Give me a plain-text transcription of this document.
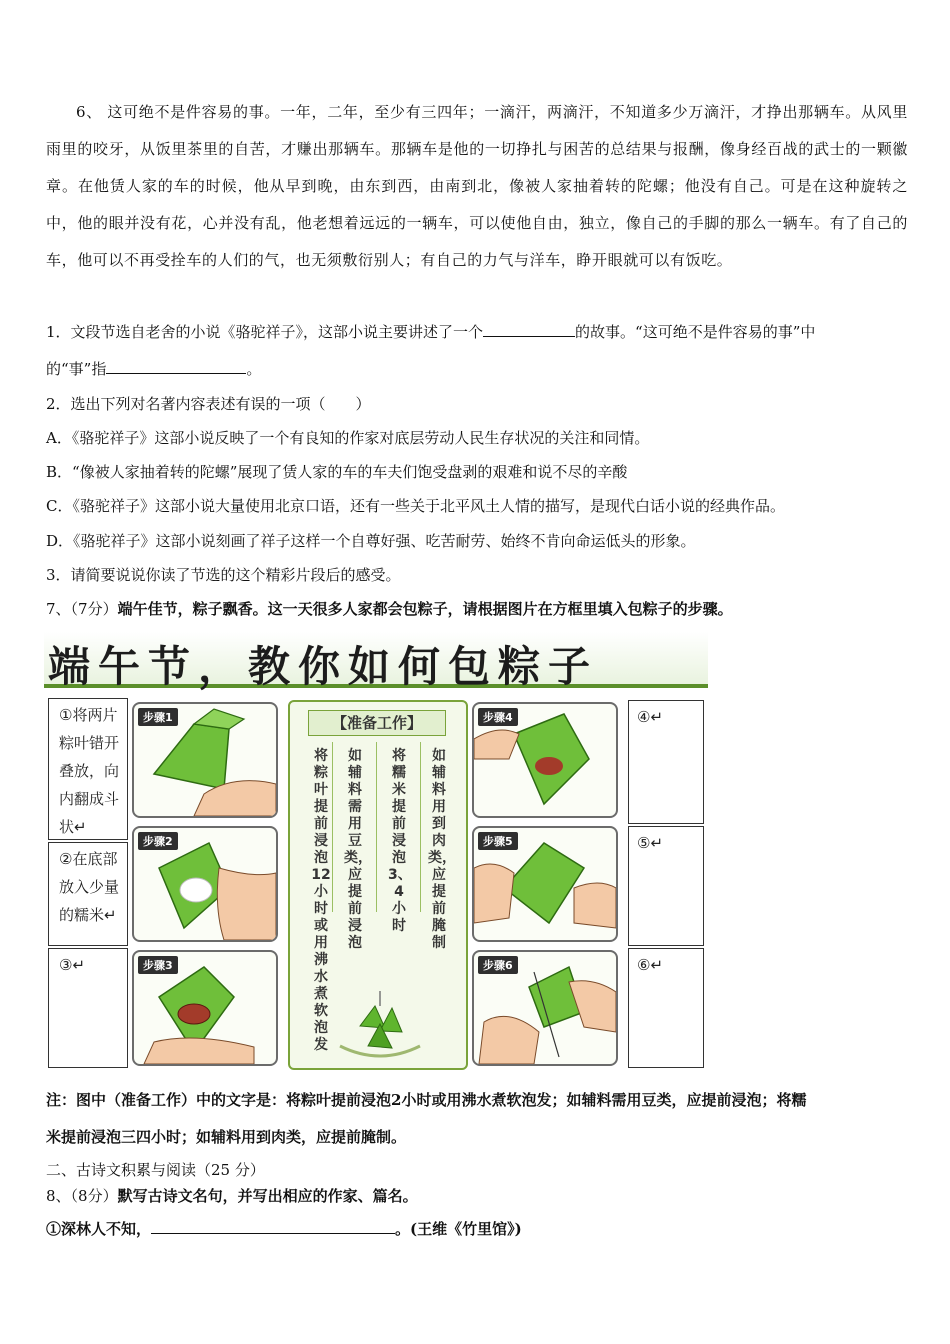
6、 这可绝不是件容易的事。一年，二年，至少有三四年；一滴汗，两滴汗，不知道多少万滴汗，才挣出那辆车。从风里雨里的咬牙，从饭里茶里的自苦，才赚出那辆车。那辆车是他的一切挣扎与困苦的总结果与报酬，像身经百战的武士的一颗徽章。在他赁人家的车的时候，他从早到晚，由东到西，由南到北，像被人家抽着转的陀螺；他没有自己。可是在这种旋转之中，他的眼并没有花，心并没有乱，他老想着远远的一辆车，可以使他自由，独立，像自己的手脚的那么一辆车。有了自己的车，他可以不再受拴车的人们的气，也无须敷衍别人；有自己的力气与洋车，睁开眼就可以有饭吃。
1．文段节选自老舍的小说《骆驼祥子》，这部小说主要讲述了一个	的故事。“这可绝不是件容易的事”中
的“事”指	。
2．选出下列对名著内容表述有误的一项（　　）
A．《骆驼祥子》这部小说反映了一个有良知的作家对底层劳动人民生存状况的关注和同情。
B．“像被人家抽着转的陀螺”展现了赁人家的车的车夫们饱受盘剥的艰难和说不尽的辛酸
C．《骆驼祥子》这部小说大量使用北京口语，还有一些关于北平风土人情的描写，是现代白话小说的经典作品。
D．《骆驼祥子》这部小说刻画了祥子这样一个自尊好强、吃苦耐劳、始终不肯向命运低头的形象。
3．请简要说说你读了节选的这个精彩片段后的感受。
7、（7分）端午佳节，粽子飘香。这一天很多人家都会包粽子，请根据图片在方框里填入包粽子的步骤。
端午节，教你如何包粽子
①将两片粽叶错开叠放，向内翻成斗状↵
②在底部放入少量的糯米↵
③↵
步骤1
步骤2
步骤3
【准备工作】
将粽叶提前浸泡12小时或用沸水煮软泡发
如辅料需用豆类，应提前浸泡
将糯米提前浸泡3、4小时
如辅料用到肉类，应提前腌制
步骤4
步骤5
步骤6
④↵
⑤↵
⑥↵
注：图中（准备工作）中的文字是：将粽叶提前浸泡2小时或用沸水煮软泡发；如辅料需用豆类，应提前浸泡；将糯
米提前浸泡三四小时；如辅料用到肉类，应提前腌制。
二、古诗文积累与阅读（25 分）
8、（8分）默写古诗文名句，并写出相应的作家、篇名。
①深林人不知，	。(王维《竹里馆》)
